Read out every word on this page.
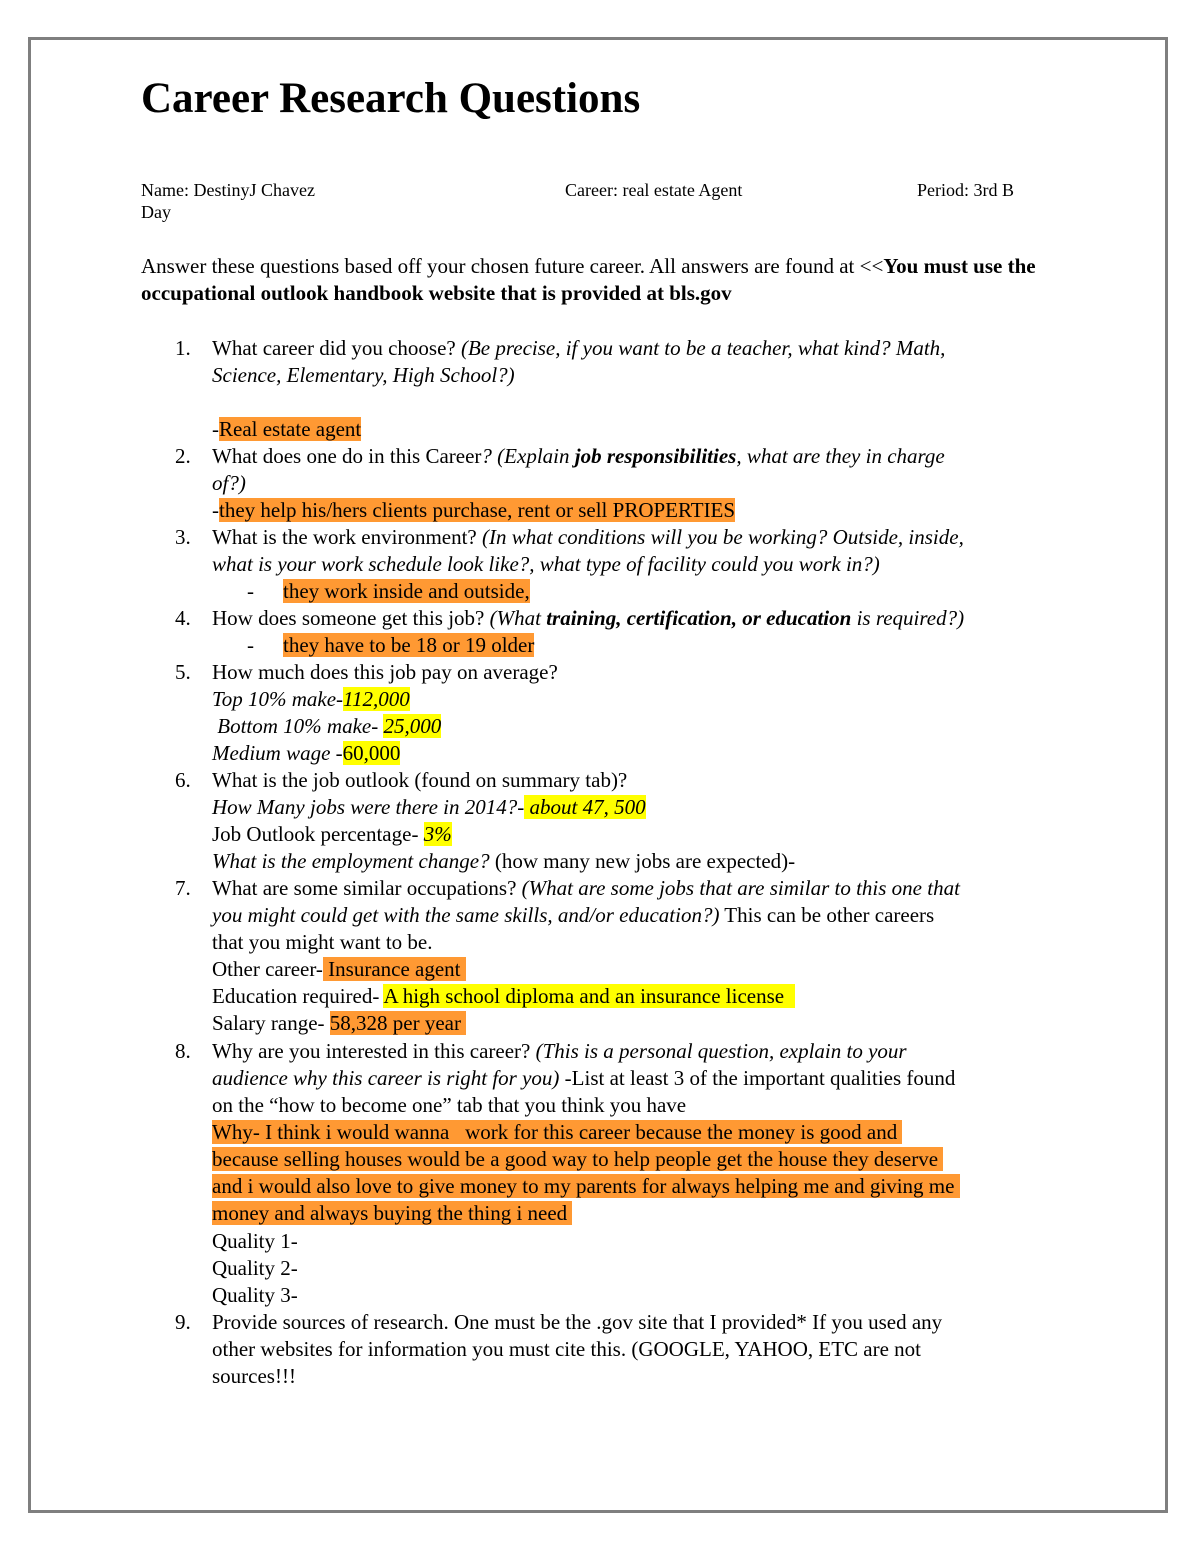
Career Research Questions
Name: DestinyJ Chavez	Career: real estate Agent	Period: 3rd B
Day
Answer these questions based off your chosen future career. All answers are found at <<You must use the occupational outlook handbook website that is provided at bls.gov
1. What career did you choose? (Be precise, if you want to be a teacher, what kind? Math,
Science, Elementary, High School?)
-Real estate agent
2. What does one do in this Career? (Explain job responsibilities, what are they in charge
of?)
-they help his/hers clients purchase, rent or sell PROPERTIES
3. What is the work environment? (In what conditions will you be working? Outside, inside,
what is your work schedule look like?, what type of facility could you work in?)
- they work inside and outside,
4. How does someone get this job? (What training, certification, or education is required?)
- they have to be 18 or 19 older
5. How much does this job pay on average?
Top 10% make-112,000
Bottom 10% make- 25,000
Medium wage -60,000
6. What is the job outlook (found on summary tab)?
How Many jobs were there in 2014?- about 47, 500
Job Outlook percentage- 3%
What is the employment change? (how many new jobs are expected)-
7. What are some similar occupations? (What are some jobs that are similar to this one that
you might could get with the same skills, and/or education?) This can be other careers
that you might want to be.
Other career- Insurance agent
Education required- A high school diploma and an insurance license
Salary range- 58,328 per year
8. Why are you interested in this career? (This is a personal question, explain to your
audience why this career is right for you) -List at least 3 of the important qualities found
on the “how to become one” tab that you think you have
Why- I think i would wanna   work for this career because the money is good and
because selling houses would be a good way to help people get the house they deserve
and i would also love to give money to my parents for always helping me and giving me
money and always buying the thing i need
Quality 1-
Quality 2-
Quality 3-
9. Provide sources of research. One must be the .gov site that I provided* If you used any
other websites for information you must cite this. (GOOGLE, YAHOO, ETC are not
sources!!!
